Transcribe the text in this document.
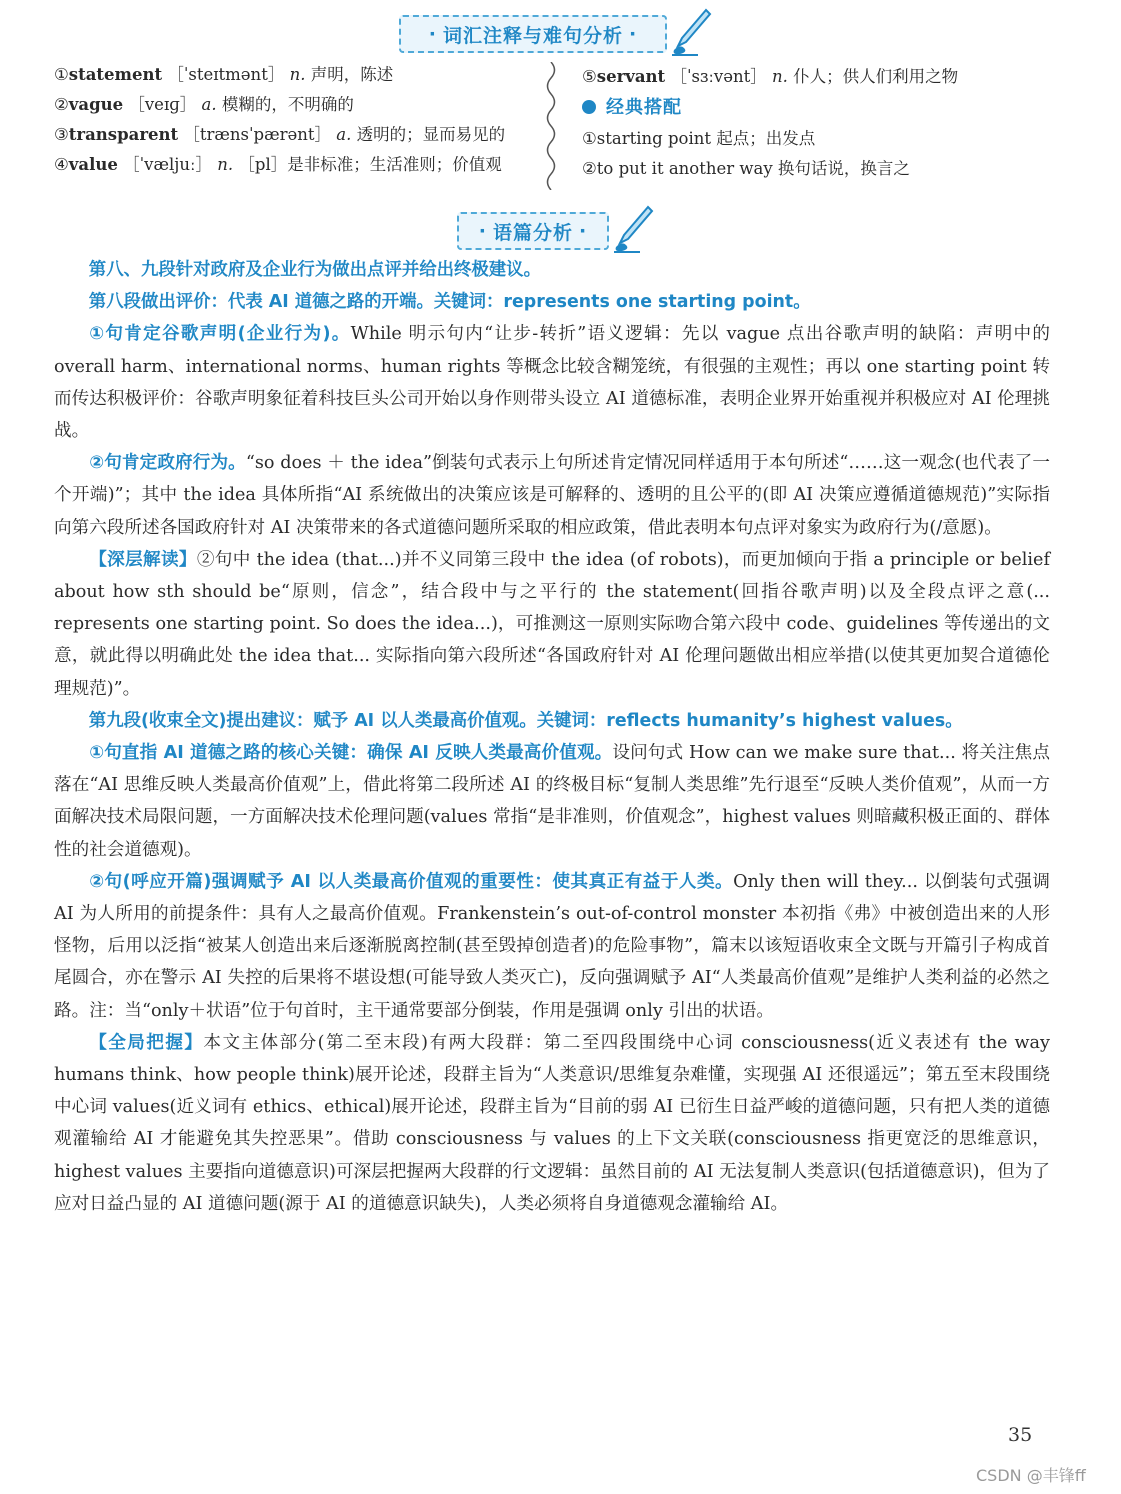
· 词汇注释与难句分析 ·
①statement ［ˈsteɪtmənt］ n. 声明，陈述
②vague ［veɪɡ］ a. 模糊的，不明确的
③transparent ［trænsˈpærənt］ a. 透明的；显而易见的
④value ［ˈvæljuː］ n. ［pl］是非标准；生活准则；价值观
⑤servant ［ˈsɜːvənt］ n. 仆人；供人们利用之物
经典搭配
①starting point 起点；出发点
②to put it another way 换句话说，换言之
· 语篇分析 ·

第八、九段针对政府及企业行为做出点评并给出终极建议。

第八段做出评价：代表 AI 道德之路的开端。关键词：represents one starting point。

①句肯定谷歌声明(企业行为)。While 明示句内“让步-转折”语义逻辑：先以 vague 点出谷歌声明的缺陷：声明中的 overall harm、international norms、human rights 等概念比较含糊笼统，有很强的主观性；再以 one starting point 转而传达积极评价：谷歌声明象征着科技巨头公司开始以身作则带头设立 AI 道德标准，表明企业界开始重视并积极应对 AI 伦理挑战。

②句肯定政府行为。“so does ＋ the idea”倒装句式表示上句所述肯定情况同样适用于本句所述“……这一观念(也代表了一个开端)”；其中 the idea 具体所指“AI 系统做出的决策应该是可解释的、透明的且公平的(即 AI 决策应遵循道德规范)”实际指向第六段所述各国政府针对 AI 决策带来的各式道德问题所采取的相应政策，借此表明本句点评对象实为政府行为(/意愿)。

【深层解读】②句中 the idea (that...)并不义同第三段中 the idea (of robots)，而更加倾向于指 a principle or belief about how sth should be“原则，信念”，结合段中与之平行的 the statement(回指谷歌声明)以及全段点评之意(... represents one starting point. So does the idea...)，可推测这一原则实际吻合第六段中 code、guidelines 等传递出的文意，就此得以明确此处 the idea that... 实际指向第六段所述“各国政府针对 AI 伦理问题做出相应举措(以使其更加契合道德伦理规范)”。

第九段(收束全文)提出建议：赋予 AI 以人类最高价值观。关键词：reflects humanity’s highest values。

①句直指 AI 道德之路的核心关键：确保 AI 反映人类最高价值观。设问句式 How can we make sure that... 将关注焦点落在“AI 思维反映人类最高价值观”上，借此将第二段所述 AI 的终极目标“复制人类思维”先行退至“反映人类价值观”，从而一方面解决技术局限问题，一方面解决技术伦理问题(values 常指“是非准则，价值观念”，highest values 则暗藏积极正面的、群体性的社会道德观)。

②句(呼应开篇)强调赋予 AI 以人类最高价值观的重要性：使其真正有益于人类。Only then will they... 以倒装句式强调 AI 为人所用的前提条件：具有人之最高价值观。Frankenstein’s out-of-control monster 本初指《弗》中被创造出来的人形怪物，后用以泛指“被某人创造出来后逐渐脱离控制(甚至毁掉创造者)的危险事物”，篇末以该短语收束全文既与开篇引子构成首尾圆合，亦在警示 AI 失控的后果将不堪设想(可能导致人类灭亡)，反向强调赋予 AI“人类最高价值观”是维护人类利益的必然之路。注：当“only＋状语”位于句首时，主干通常要部分倒装，作用是强调 only 引出的状语。

【全局把握】本文主体部分(第二至末段)有两大段群：第二至四段围绕中心词 consciousness(近义表述有 the way humans think、how people think)展开论述，段群主旨为“人类意识/思维复杂难懂，实现强 AI 还很遥远”；第五至末段围绕中心词 values(近义词有 ethics、ethical)展开论述，段群主旨为“目前的弱 AI 已衍生日益严峻的道德问题，只有把人类的道德观灌输给 AI 才能避免其失控恶果”。借助 consciousness 与 values 的上下文关联(consciousness 指更宽泛的思维意识，highest values 主要指向道德意识)可深层把握两大段群的行文逻辑：虽然目前的 AI 无法复制人类意识(包括道德意识)，但为了应对日益凸显的 AI 道德问题(源于 AI 的道德意识缺失)，人类必须将自身道德观念灌输给 AI。

35
CSDN @丰锋ff
